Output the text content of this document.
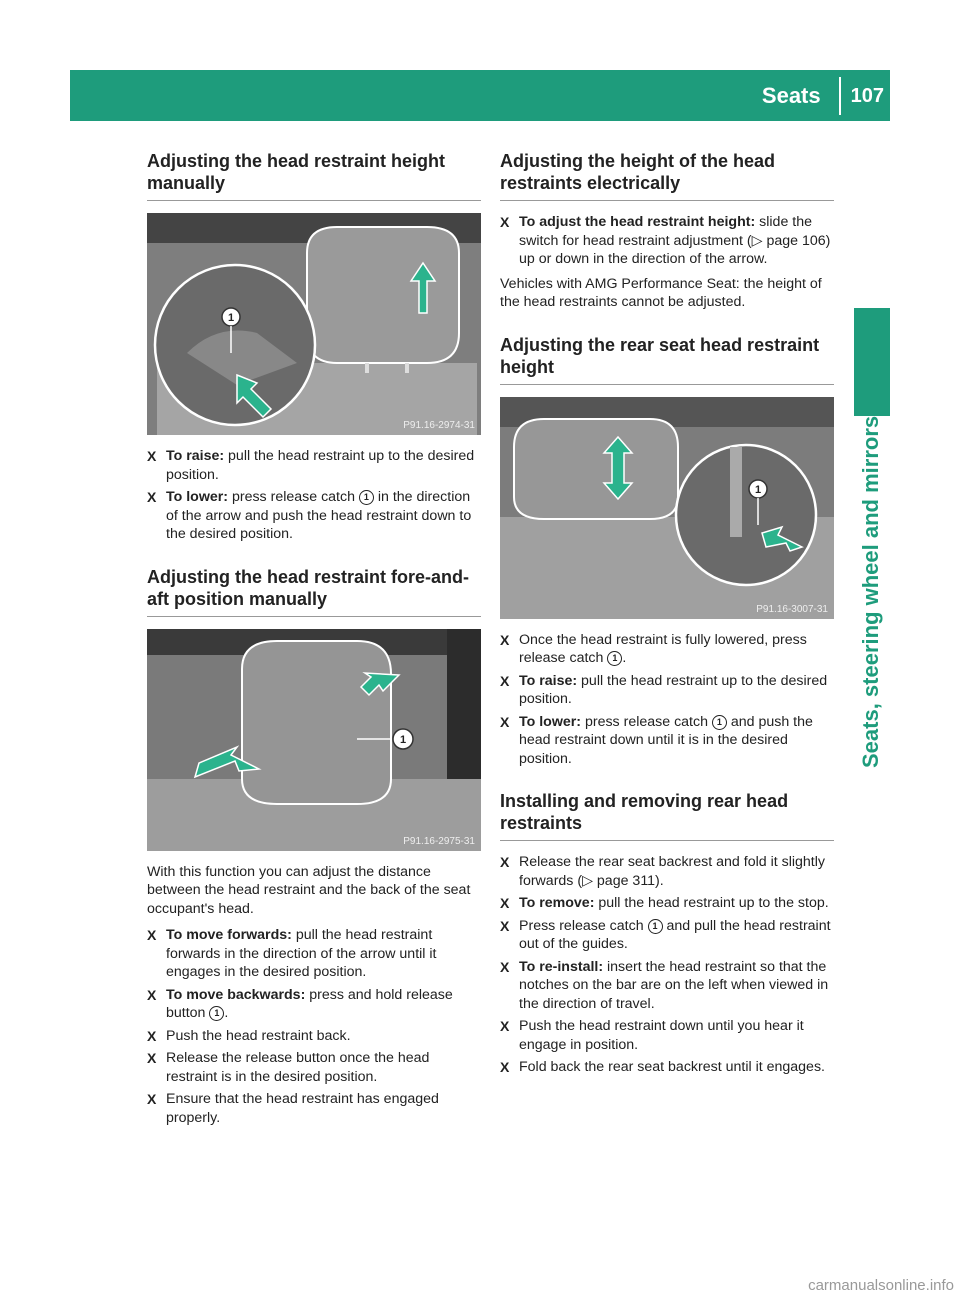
Seats	107
Seats, steering wheel and mirrors
Adjusting the head restraint height manually
1
P91.16-2974-31
X To raise: pull the head restraint up to the desired position.
X To lower: press release catch 1 in the direction of the arrow and push the head restraint down to the desired position.
Adjusting the head restraint fore-and-aft position manually
1
P91.16-2975-31

With this function you can adjust the distance between the head restraint and the back of the seat occupant's head.

X To move forwards: pull the head restraint forwards in the direction of the arrow until it engages in the desired position.
X To move backwards: press and hold release button 1 .
X Push the head restraint back.
X Release the release button once the head restraint is in the desired position.
X Ensure that the head restraint has engaged properly.
Adjusting the height of the head restraints electrically
X To adjust the head restraint height: slide the switch for head restraint adjustment (▷ page 106) up or down in the direction of the arrow.

Vehicles with AMG Performance Seat: the height of the head restraints cannot be adjusted.

Adjusting the rear seat head restraint height
1
P91.16-3007-31
X Once the head restraint is fully lowered, press release catch 1 .
X To raise: pull the head restraint up to the desired position.
X To lower: press release catch 1 and push the head restraint down until it is in the desired position.
Installing and removing rear head restraints
X Release the rear seat backrest and fold it slightly forwards (▷ page 311).
X To remove: pull the head restraint up to the stop.
X Press release catch 1 and pull the head restraint out of the guides.
X To re-install: insert the head restraint so that the notches on the bar are on the left when viewed in the direction of travel.
X Push the head restraint down until you hear it engage in position.
X Fold back the rear seat backrest until it engages.
carmanualsonline.info
